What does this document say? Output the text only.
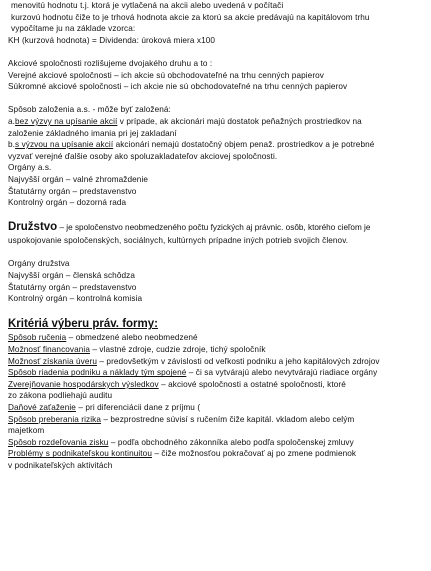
menovitú hodnotu t.j. ktorá je vytlačená na akcii alebo uvedená v počítači
kurzovú hodnotu čiže to je trhová hodnota akcie za ktorú sa akcie predávajú na kapitálovom trhu
vypočítame ju na základe vzorca:
KH (kurzová hodnota) = Dividenda: úroková miera x100
Akciové spoločnosti rozlišujeme dvojakého druhu a to :
Verejné akciové spoločnosti – ich akcie sú obchodovateľné na trhu cenných papierov
Súkromné akciové spoločnosti – ich akcie nie sú obchodovateľné na trhu cenných papierov
Spôsob založenia a.s. - môže byť založená:
a.bez výzvy na upísanie akcií v prípade, ak akcionári majú dostatok peňažných prostriedkov na
založenie základného imania pri jej zakladaní
b.s výzvou na upísanie akcií akcionári nemajú dostatočný objem penaž. prostriedkov a je potrebné
vyzvať verejné ďalšie osoby ako spoluzakladateľov akciovej spoločnosti.
Orgány a.s.
Najvyšší orgán – valné zhromaždenie
Štatutárny orgán – predstavenstvo
Kontrolný orgán – dozorná rada
Družstvo – je spoločenstvo neobmedzeného počtu fyzických aj právnic. osôb, ktorého cieľom je
uspokojovanie spoločenských, sociálnych, kultúrnych prípadne iných potrieb svojich členov.
Orgány družstva
Najvyšší orgán – členská schôdza
Štatutárny orgán – predstavenstvo
Kontrolný orgán – kontrolná komisia
Kritériá výberu práv. formy:
Spôsob ručenia – obmedzené alebo neobmedzené
Možnosť financovania – vlastné zdroje, cudzie zdroje, tichý spoločník
Možnosť získania úveru – predovšetkým v závislosti od veľkosti podniku a jeho kapitálových zdrojov
Spôsob riadenia podniku a náklady tým spojené – či sa vytvárajú alebo nevytvárajú riadiace orgány
Zverejňovanie hospodárskych výsledkov – akciové spoločnosti a ostatné spoločnosti, ktoré
zo zákona podliehajú auditu
Daňové zaťaženie – pri diferenciácii dane z príjmu (
Spôsob preberania rizika – bezprostredne súvisí s ručením čiže kapitál. vkladom alebo celým
majetkom
Spôsob rozdeľovania zisku – podľa obchodného zákonníka alebo podľa spoločenskej zmluvy
Problémy s podnikateľskou kontinuitou – čiže možnosťou pokračovať aj po zmene podmienok
v podnikateľských aktivitách
